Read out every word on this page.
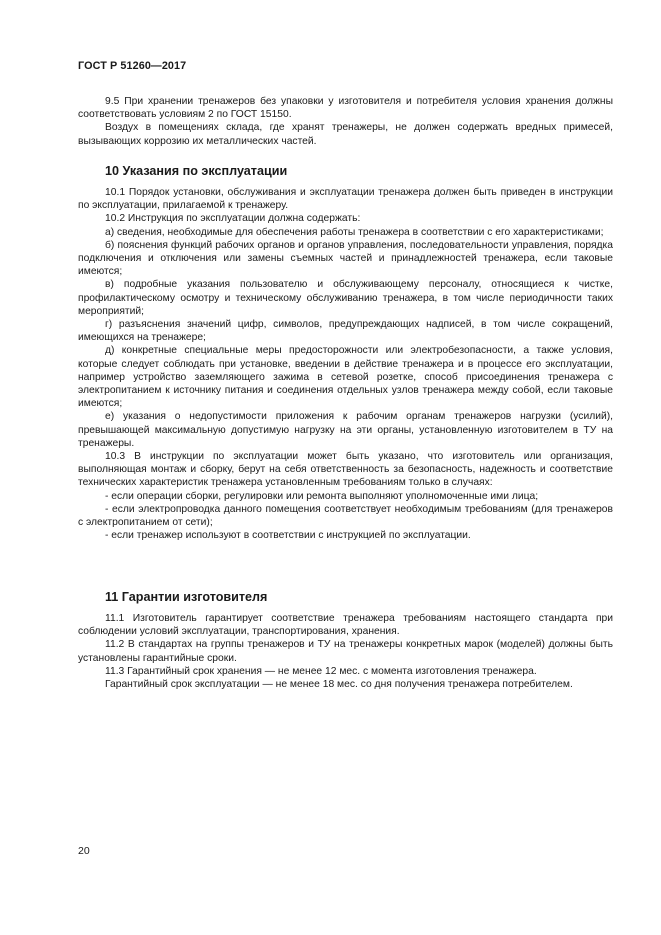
ГОСТ Р 51260—2017

9.5 При хранении тренажеров без упаковки у изготовителя и потребителя условия хранения должны соответствовать условиям 2 по ГОСТ 15150.

Воздух в помещениях склада, где хранят тренажеры, не должен содержать вредных примесей, вызывающих коррозию их металлических частей.

10 Указания по эксплуатации

10.1 Порядок установки, обслуживания и эксплуатации тренажера должен быть приведен в инструкции по эксплуатации, прилагаемой к тренажеру.

10.2 Инструкция по эксплуатации должна содержать:

а) сведения, необходимые для обеспечения работы тренажера в соответствии с его характеристиками;

б) пояснения функций рабочих органов и органов управления, последовательности управления, порядка подключения и отключения или замены съемных частей и принадлежностей тренажера, если таковые имеются;

в) подробные указания пользователю и обслуживающему персоналу, относящиеся к чистке, профилактическому осмотру и техническому обслуживанию тренажера, в том числе периодичности таких мероприятий;

г) разъяснения значений цифр, символов, предупреждающих надписей, в том числе сокращений, имеющихся на тренажере;

д) конкретные специальные меры предосторожности или электробезопасности, а также условия, которые следует соблюдать при установке, введении в действие тренажера и в процессе его эксплуатации, например устройство заземляющего зажима в сетевой розетке, способ присоединения тренажера с электропитанием к источнику питания и соединения отдельных узлов тренажера между собой, если таковые имеются;

е) указания о недопустимости приложения к рабочим органам тренажеров нагрузки (усилий), превышающей максимальную допустимую нагрузку на эти органы, установленную изготовителем в ТУ на тренажеры.

10.3 В инструкции по эксплуатации может быть указано, что изготовитель или организация, выполняющая монтаж и сборку, берут на себя ответственность за безопасность, надежность и соответствие технических характеристик тренажера установленным требованиям только в случаях:

- если операции сборки, регулировки или ремонта выполняют уполномоченные ими лица;

- если электропроводка данного помещения соответствует необходимым требованиям (для тренажеров с электропитанием от сети);

- если тренажер используют в соответствии с инструкцией по эксплуатации.

11 Гарантии изготовителя

11.1 Изготовитель гарантирует соответствие тренажера требованиям настоящего стандарта при соблюдении условий эксплуатации, транспортирования, хранения.

11.2 В стандартах на группы тренажеров и ТУ на тренажеры конкретных марок (моделей) должны быть установлены гарантийные сроки.

11.3 Гарантийный срок хранения — не менее 12 мес. с момента изготовления тренажера.

Гарантийный срок эксплуатации — не менее 18 мес. со дня получения тренажера потребителем.

20
